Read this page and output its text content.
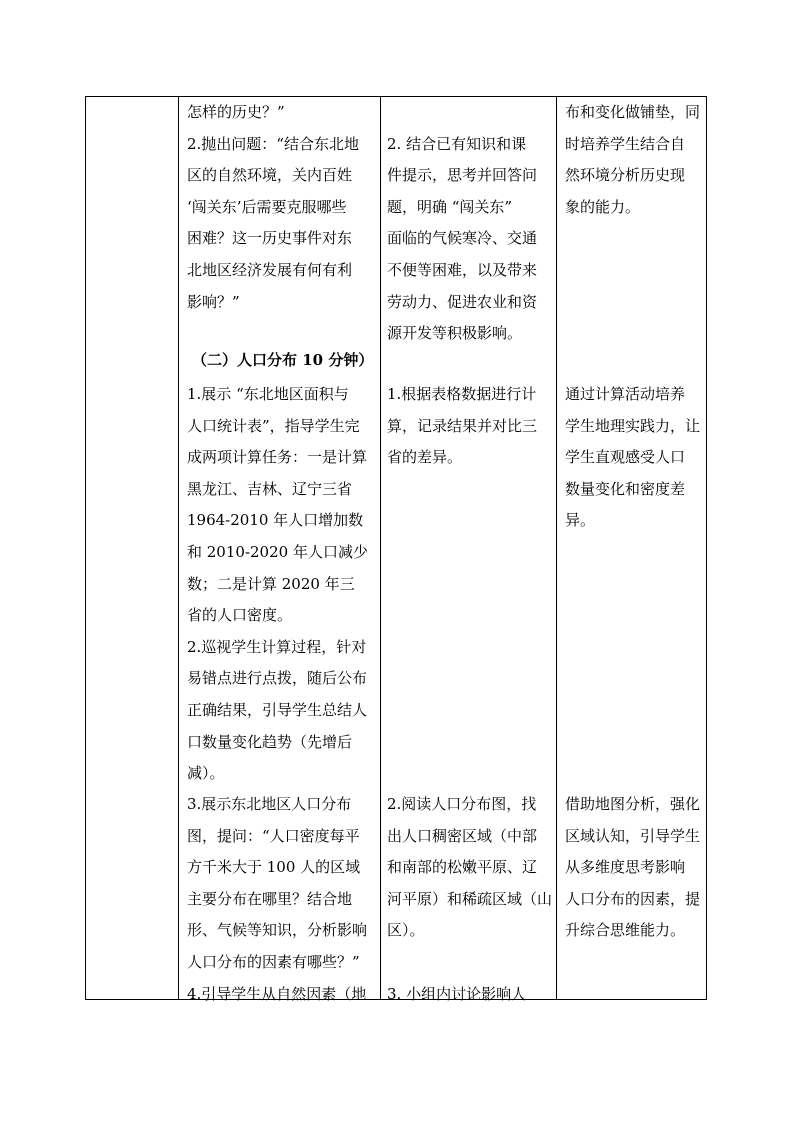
怎样的历史？”
2.抛出问题：“结合东北地
区的自然环境，关内百姓
‘闯关东’后需要克服哪些
困难？这一历史事件对东
北地区经济发展有何有利
影响？”
2. 结合已有知识和课
件提示，思考并回答问
题，明确 “闯关东”
面临的气候寒冷、交通
不便等困难，以及带来
劳动力、促进农业和资
源开发等积极影响。
布和变化做铺垫，同
时培养学生结合自
然环境分析历史现
象的能力。
（二）人口分布 10 分钟）
1.展示 “东北地区面积与
人口统计表”，指导学生完
成两项计算任务：一是计算
黑龙江、吉林、辽宁三省
1964-2010 年人口增加数
和 2010-2020 年人口减少
数；二是计算 2020 年三
省的人口密度。
2.巡视学生计算过程，针对
易错点进行点拨，随后公布
正确结果，引导学生总结人
口数量变化趋势（先增后
减）。
1.根据表格数据进行计
算，记录结果并对比三
省的差异。
通过计算活动培养
学生地理实践力，让
学生直观感受人口
数量变化和密度差
异。
3.展示东北地区人口分布
图，提问：“人口密度每平
方千米大于 100 人的区域
主要分布在哪里？结合地
形、气候等知识，分析影响
人口分布的因素有哪些？”
4.引导学生从自然因素（地
2.阅读人口分布图，找
出人口稠密区域（中部
和南部的松嫩平原、辽
河平原）和稀疏区域（山
区）。
3. 小组内讨论影响人
借助地图分析，强化
区域认知，引导学生
从多维度思考影响
人口分布的因素，提
升综合思维能力。
